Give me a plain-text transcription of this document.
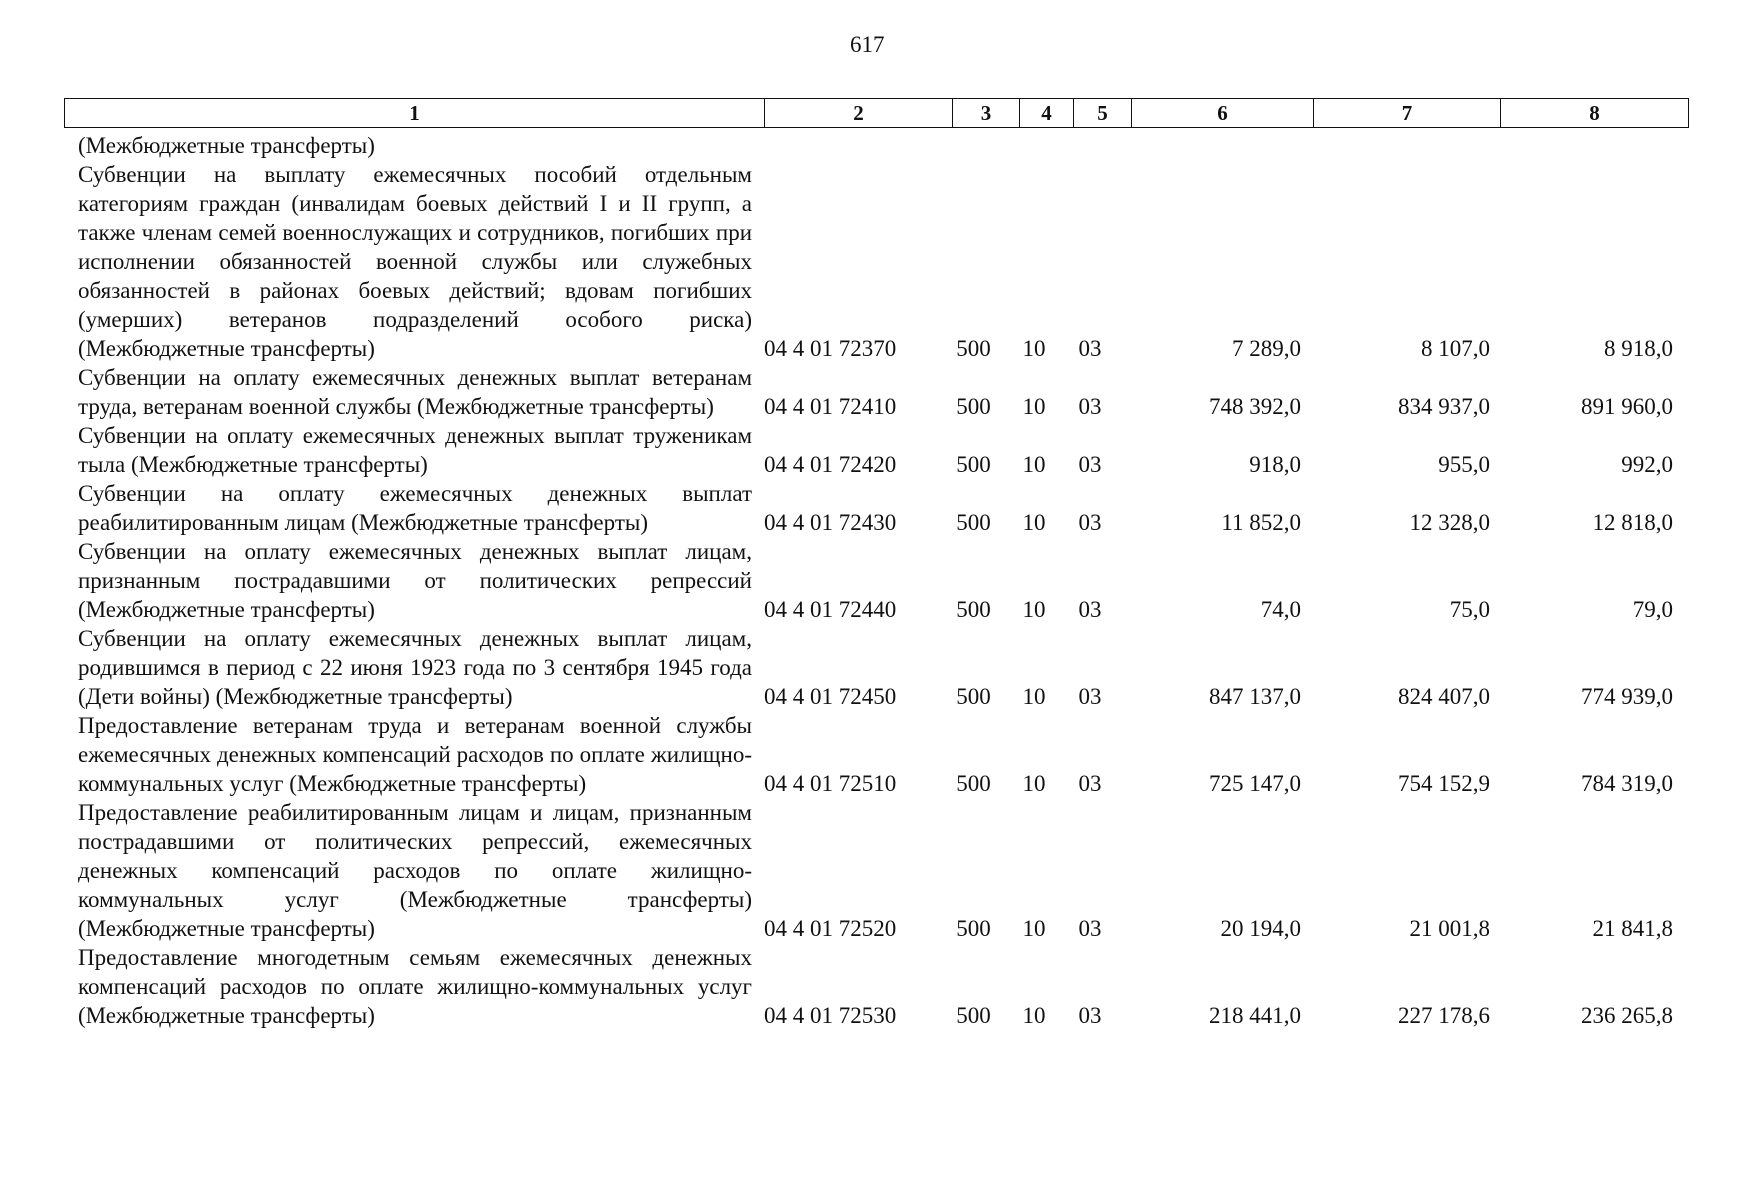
617
1	2	3	4	5	6	7	8
(Межбюджетные трансферты)
Субвенции на выплату ежемесячных пособий отдельным категориям граждан (инвалидам боевых действий I и II групп, а также членам семей военнослужащих и сотрудников, погибших при исполнении обязанностей военной службы или служебных обязанностей в районах боевых действий; вдовам погибших (умерших) ветеранов подразделений особого риска) (Межбюджетные трансферты)	04 4 01 72370	500	10	03	7 289,0	8 107,0	8 918,0
Субвенции на оплату ежемесячных денежных выплат ветеранам труда, ветеранам военной службы (Межбюджетные трансферты)	04 4 01 72410	500	10	03	748 392,0	834 937,0	891 960,0
Субвенции на оплату ежемесячных денежных выплат труженикам тыла (Межбюджетные трансферты)	04 4 01 72420	500	10	03	918,0	955,0	992,0
Субвенции на оплату ежемесячных денежных выплат реабилитированным лицам (Межбюджетные трансферты)	04 4 01 72430	500	10	03	11 852,0	12 328,0	12 818,0
Субвенции на оплату ежемесячных денежных выплат лицам, признанным пострадавшими от политических репрессий (Межбюджетные трансферты)	04 4 01 72440	500	10	03	74,0	75,0	79,0
Субвенции на оплату ежемесячных денежных выплат лицам, родившимся в период с 22 июня 1923 года по 3 сентября 1945 года (Дети войны) (Межбюджетные трансферты)	04 4 01 72450	500	10	03	847 137,0	824 407,0	774 939,0
Предоставление ветеранам труда и ветеранам военной службы ежемесячных денежных компенсаций расходов по оплате жилищно-коммунальных услуг (Межбюджетные трансферты)	04 4 01 72510	500	10	03	725 147,0	754 152,9	784 319,0
Предоставление реабилитированным лицам и лицам, признанным пострадавшими от политических репрессий, ежемесячных денежных компенсаций расходов по оплате жилищно-коммунальных услуг (Межбюджетные трансферты) (Межбюджетные трансферты)	04 4 01 72520	500	10	03	20 194,0	21 001,8	21 841,8
Предоставление многодетным семьям ежемесячных денежных компенсаций расходов по оплате жилищно-коммунальных услуг (Межбюджетные трансферты)	04 4 01 72530	500	10	03	218 441,0	227 178,6	236 265,8
